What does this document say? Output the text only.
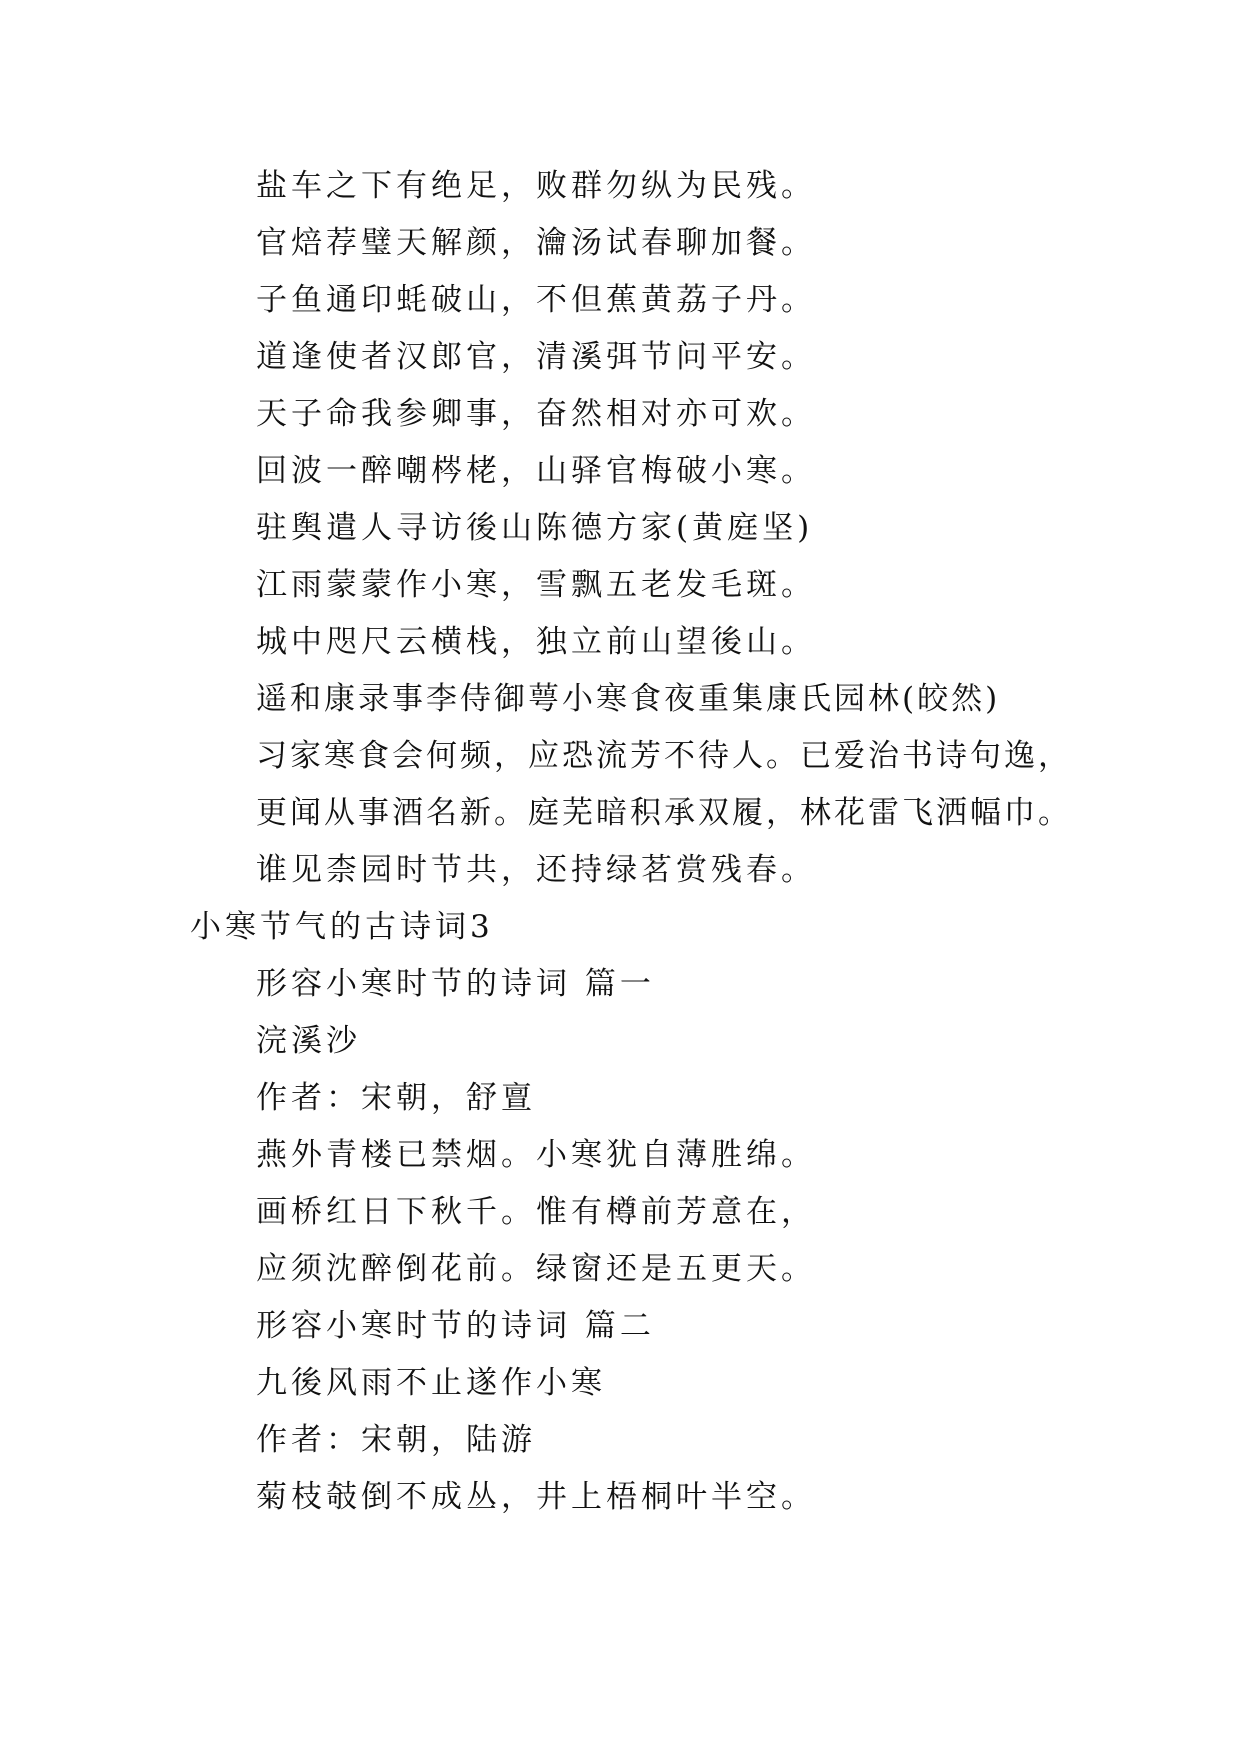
盐车之下有绝足，败群勿纵为民残。
官焙荐璧天解颜，瀹汤试春聊加餐。
子鱼通印蚝破山，不但蕉黄荔子丹。
道逢使者汉郎官，清溪弭节问平安。
天子命我参卿事，奋然相对亦可欢。
回波一醉嘲梣栳，山驿官梅破小寒。
驻舆遣人寻访後山陈德方家(黄庭坚)
江雨蒙蒙作小寒，雪飘五老发毛斑。
城中咫尺云横栈，独立前山望後山。
遥和康录事李侍御萼小寒食夜重集康氏园林(皎然)
习家寒食会何频，应恐流芳不待人。已爱治书诗句逸，
更闻从事酒名新。庭芜暗积承双履，林花雷飞洒幅巾。
谁见柰园时节共，还持绿茗赏残春。
小寒节气的古诗词3
形容小寒时节的诗词 篇一
浣溪沙
作者：宋朝，舒亶
燕外青楼已禁烟。小寒犹自薄胜绵。
画桥红日下秋千。惟有樽前芳意在，
应须沈醉倒花前。绿窗还是五更天。
形容小寒时节的诗词 篇二
九後风雨不止遂作小寒
作者：宋朝，陆游
菊枝攲倒不成丛，井上梧桐叶半空。
